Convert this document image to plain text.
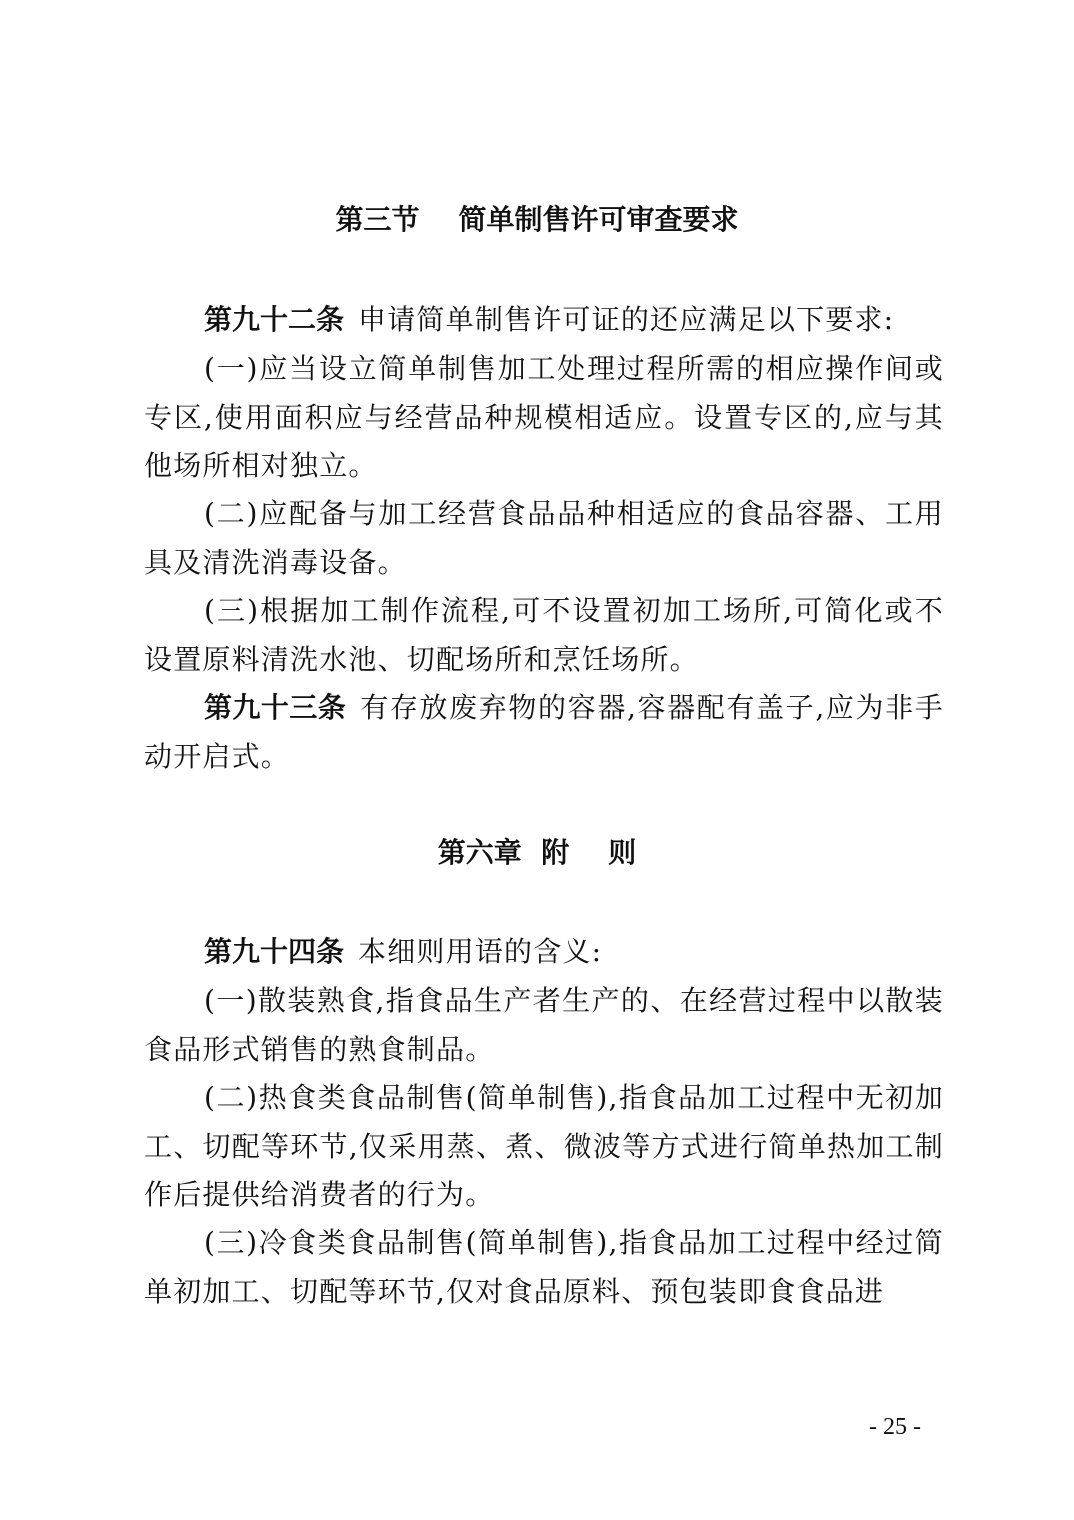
第三节    简单制售许可审查要求

第九十二条 申请简单制售许可证的还应满足以下要求:

(一)应当设立简单制售加工处理过程所需的相应操作间或专区,使用面积应与经营品种规模相适应。设置专区的,应与其他场所相对独立。

(二)应配备与加工经营食品品种相适应的食品容器、工用具及清洗消毒设备。

(三)根据加工制作流程,可不设置初加工场所,可简化或不设置原料清洗水池、切配场所和烹饪场所。

第九十三条 有存放废弃物的容器,容器配有盖子,应为非手动开启式。

第六章  附    则

第九十四条 本细则用语的含义:

(一)散装熟食,指食品生产者生产的、在经营过程中以散装食品形式销售的熟食制品。

(二)热食类食品制售(简单制售),指食品加工过程中无初加工、切配等环节,仅采用蒸、煮、微波等方式进行简单热加工制作后提供给消费者的行为。

(三)冷食类食品制售(简单制售),指食品加工过程中经过简单初加工、切配等环节,仅对食品原料、预包装即食食品进

- 25 -
